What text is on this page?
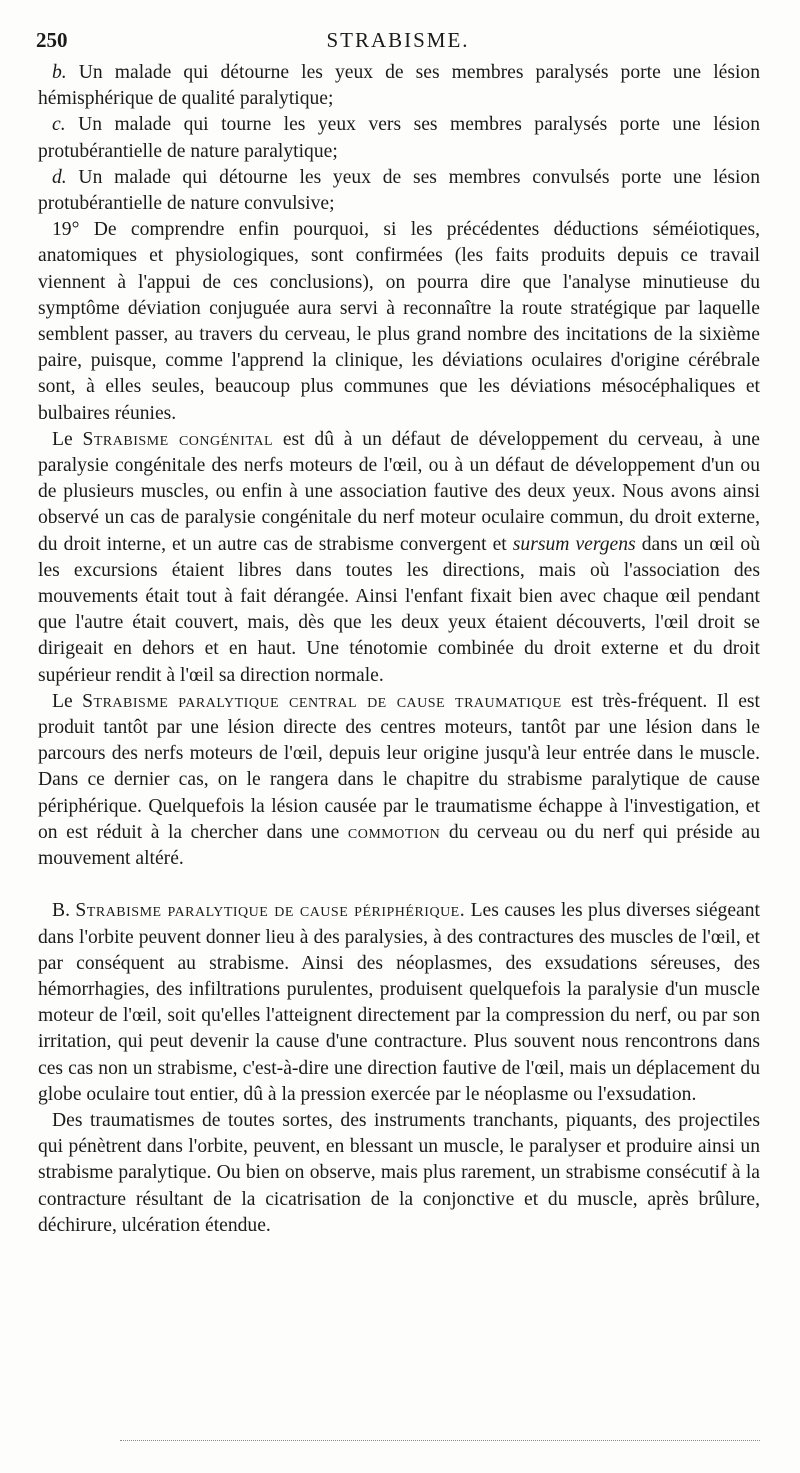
250	STRABISME.

b. Un malade qui détourne les yeux de ses membres paralysés porte une lésion hémisphérique de qualité paralytique;

c. Un malade qui tourne les yeux vers ses membres paralysés porte une lésion protubérantielle de nature paralytique;

d. Un malade qui détourne les yeux de ses membres convulsés porte une lésion protubérantielle de nature convulsive;

19° De comprendre enfin pourquoi, si les précédentes déductions séméiotiques, anatomiques et physiologiques, sont confirmées (les faits produits depuis ce travail viennent à l'appui de ces conclusions), on pourra dire que l'analyse minutieuse du symptôme déviation conjuguée aura servi à reconnaître la route stratégique par laquelle semblent passer, au travers du cerveau, le plus grand nombre des incitations de la sixième paire, puisque, comme l'apprend la clinique, les déviations oculaires d'origine cérébrale sont, à elles seules, beaucoup plus communes que les déviations mésocéphaliques et bulbaires réunies.

Le Strabisme congénital est dû à un défaut de développement du cerveau, à une paralysie congénitale des nerfs moteurs de l'œil, ou à un défaut de développement d'un ou de plusieurs muscles, ou enfin à une association fautive des deux yeux. Nous avons ainsi observé un cas de paralysie congénitale du nerf moteur oculaire commun, du droit externe, du droit interne, et un autre cas de strabisme convergent et sursum vergens dans un œil où les excursions étaient libres dans toutes les directions, mais où l'association des mouvements était tout à fait dérangée. Ainsi l'enfant fixait bien avec chaque œil pendant que l'autre était couvert, mais, dès que les deux yeux étaient découverts, l'œil droit se dirigeait en dehors et en haut. Une ténotomie combinée du droit externe et du droit supérieur rendit à l'œil sa direction normale.

Le Strabisme paralytique central de cause traumatique est très-fréquent. Il est produit tantôt par une lésion directe des centres moteurs, tantôt par une lésion dans le parcours des nerfs moteurs de l'œil, depuis leur origine jusqu'à leur entrée dans le muscle. Dans ce dernier cas, on le rangera dans le chapitre du strabisme paralytique de cause périphérique. Quelquefois la lésion causée par le traumatisme échappe à l'investigation, et on est réduit à la chercher dans une commotion du cerveau ou du nerf qui préside au mouvement altéré.

B. Strabisme paralytique de cause périphérique. Les causes les plus diverses siégeant dans l'orbite peuvent donner lieu à des paralysies, à des contractures des muscles de l'œil, et par conséquent au strabisme. Ainsi des néoplasmes, des exsudations séreuses, des hémorrhagies, des infiltrations purulentes, produisent quelquefois la paralysie d'un muscle moteur de l'œil, soit qu'elles l'atteignent directement par la compression du nerf, ou par son irritation, qui peut devenir la cause d'une contracture. Plus souvent nous rencontrons dans ces cas non un strabisme, c'est-à-dire une direction fautive de l'œil, mais un déplacement du globe oculaire tout entier, dû à la pression exercée par le néoplasme ou l'exsudation.

Des traumatismes de toutes sortes, des instruments tranchants, piquants, des projectiles qui pénètrent dans l'orbite, peuvent, en blessant un muscle, le paralyser et produire ainsi un strabisme paralytique. Ou bien on observe, mais plus rarement, un strabisme consécutif à la contracture résultant de la cicatrisation de la conjonctive et du muscle, après brûlure, déchirure, ulcération étendue.
